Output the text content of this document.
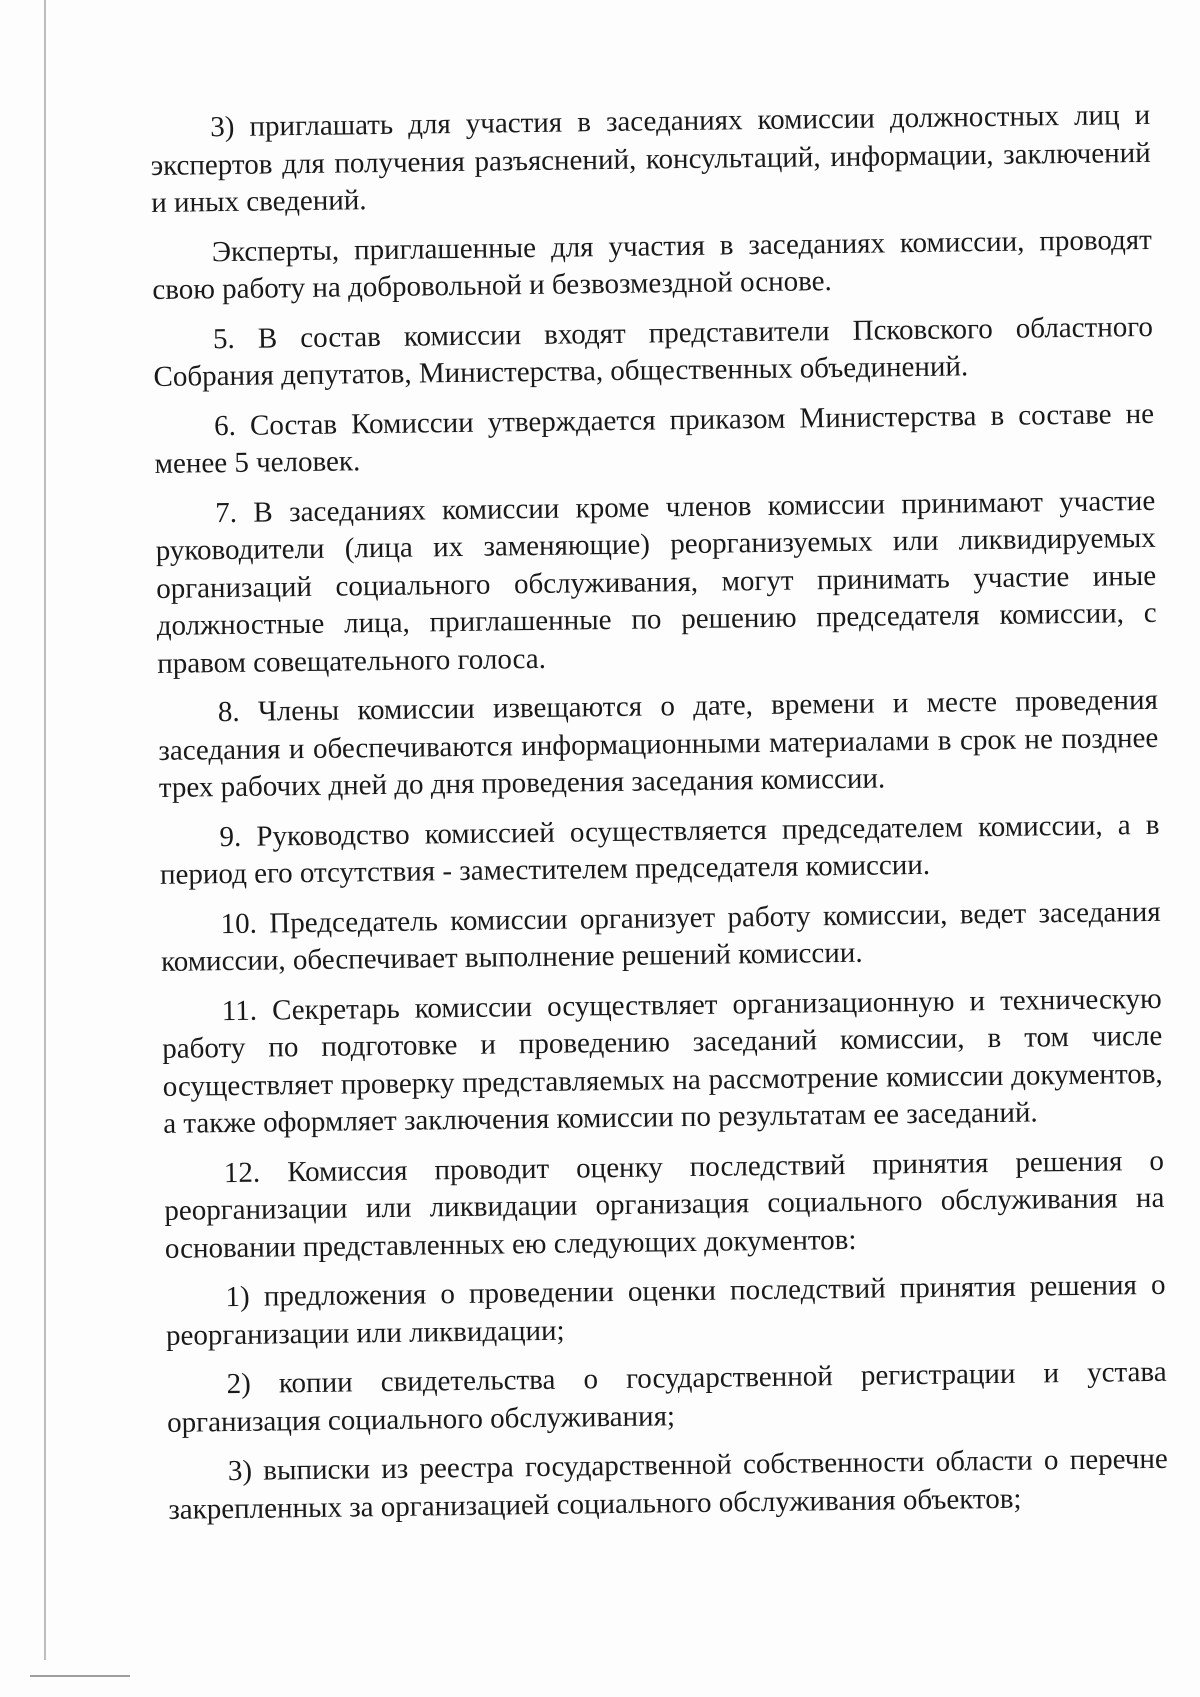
3) приглашать для участия в заседаниях комиссии должностных лиц и экспертов для получения разъяснений, консультаций, информации, заключений и иных сведений.

Эксперты, приглашенные для участия в заседаниях комиссии, проводят свою работу на добровольной и безвозмездной основе.

5. В состав комиссии входят представители Псковского областного Собрания депутатов, Министерства, общественных объединений.

6. Состав Комиссии утверждается приказом Министерства в составе не менее 5 человек.

7. В заседаниях комиссии кроме членов комиссии принимают участие руководители (лица их заменяющие) реорганизуемых или ликвидируемых организаций социального обслуживания, могут принимать участие иные должностные лица, приглашенные по решению председателя комиссии, с правом совещательного голоса.

8. Члены комиссии извещаются о дате, времени и месте проведения заседания и обеспечиваются информационными материалами в срок не позднее трех рабочих дней до дня проведения заседания комиссии.

9. Руководство комиссией осуществляется председателем комиссии, а в период его отсутствия - заместителем председателя комиссии.

10. Председатель комиссии организует работу комиссии, ведет заседания комиссии, обеспечивает выполнение решений комиссии.

11. Секретарь комиссии осуществляет организационную и техническую работу по подготовке и проведению заседаний комиссии, в том числе осуществляет проверку представляемых на рассмотрение комиссии документов, а также оформляет заключения комиссии по результатам ее заседаний.

12. Комиссия проводит оценку последствий принятия решения о реорганизации или ликвидации организация социального обслуживания на основании представленных ею следующих документов:

1) предложения о проведении оценки последствий принятия решения о реорганизации или ликвидации;

2) копии свидетельства о государственной регистрации и устава организация социального обслуживания;

3) выписки из реестра государственной собственности области о перечне закрепленных за организацией социального обслуживания объектов;
